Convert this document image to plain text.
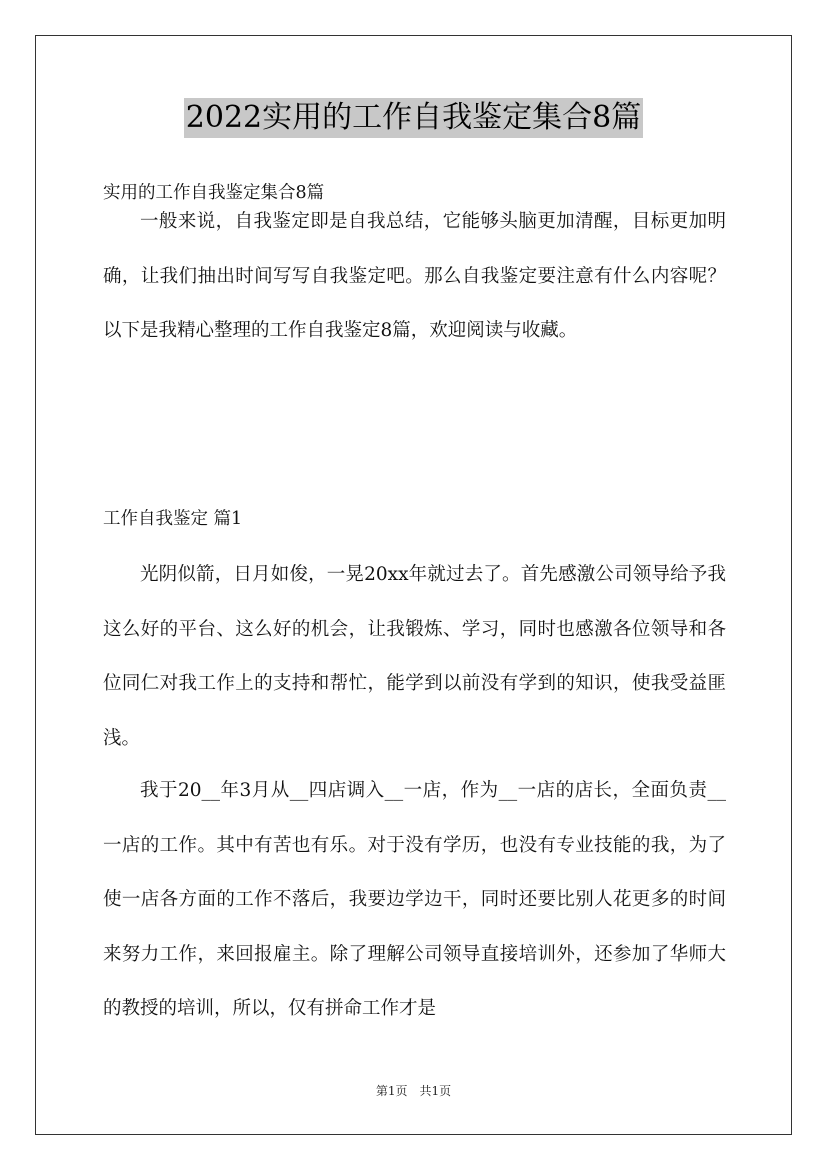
2022实用的工作自我鉴定集合8篇
实用的工作自我鉴定集合8篇
一般来说，自我鉴定即是自我总结，它能够头脑更加清醒，目标更加明确，让我们抽出时间写写自我鉴定吧。那么自我鉴定要注意有什么内容呢？以下是我精心整理的工作自我鉴定8篇，欢迎阅读与收藏。
工作自我鉴定 篇1
光阴似箭，日月如俊，一晃20xx年就过去了。首先感激公司领导给予我这么好的平台、这么好的机会，让我锻炼、学习，同时也感激各位领导和各位同仁对我工作上的支持和帮忙，能学到以前没有学到的知识，使我受益匪浅。
我于20__年3月从__四店调入__一店，作为__一店的店长，全面负责__一店的工作。其中有苦也有乐。对于没有学历，也没有专业技能的我，为了使一店各方面的工作不落后，我要边学边干，同时还要比别人花更多的时间来努力工作，来回报雇主。除了理解公司领导直接培训外，还参加了华师大的教授的培训，所以，仅有拼命工作才是
第1页　共1页
